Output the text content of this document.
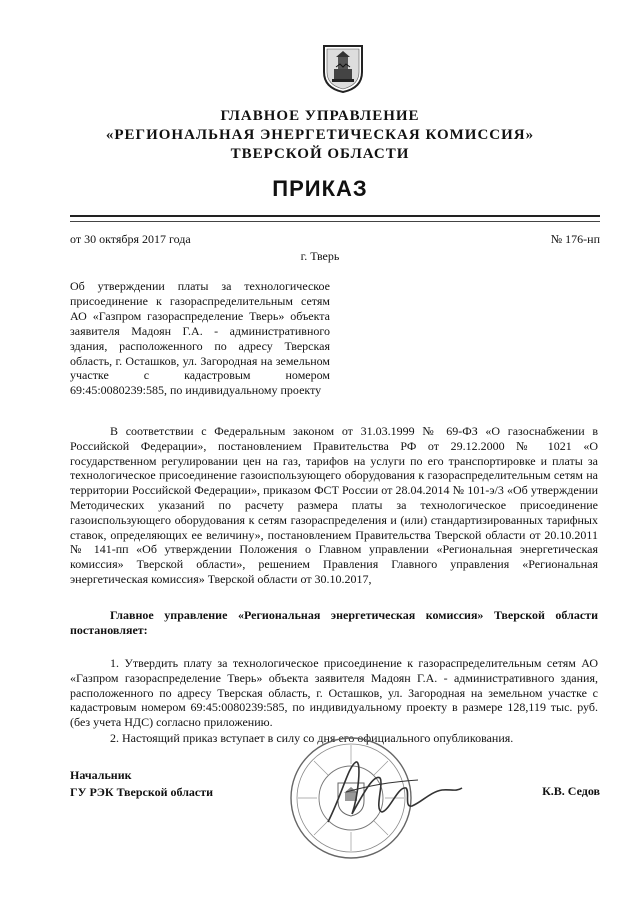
ГЛАВНОЕ УПРАВЛЕНИЕ
«РЕГИОНАЛЬНАЯ ЭНЕРГЕТИЧЕСКАЯ КОМИССИЯ»
ТВЕРСКОЙ ОБЛАСТИ
ПРИКАЗ
от 30 октября 2017 года	№ 176-нп
г. Тверь
Об утверждении платы за технологическое присоединение к газораспределительным сетям АО «Газпром газораспределение Тверь» объекта заявителя Мадоян Г.А. - административного здания, расположенного по адресу Тверская область, г. Осташков, ул. Загородная на земельном участке с кадастровым номером 69:45:0080239:585, по индивидуальному проекту
В соответствии с Федеральным законом от 31.03.1999 № 69-ФЗ «О газоснабжении в Российской Федерации», постановлением Правительства РФ от 29.12.2000 № 1021 «О государственном регулировании цен на газ, тарифов на услуги по его транспортировке и платы за технологическое присоединение газоиспользующего оборудования к газораспределительным сетям на территории Российской Федерации», приказом ФСТ России от 28.04.2014 № 101-э/3 «Об утверждении Методических указаний по расчету размера платы за технологическое присоединение газоиспользующего оборудования к сетям газораспределения и (или) стандартизированных тарифных ставок, определяющих ее величину», постановлением Правительства Тверской области от 20.10.2011 № 141-пп «Об утверждении Положения о Главном управлении «Региональная энергетическая комиссия» Тверской области», решением Правления Главного управления «Региональная энергетическая комиссия» Тверской области от 30.10.2017,
Главное управление «Региональная энергетическая комиссия» Тверской области постановляет:
1. Утвердить плату за технологическое присоединение к газораспределительным сетям АО «Газпром газораспределение Тверь» объекта заявителя Мадоян Г.А. - административного здания, расположенного по адресу Тверская область, г. Осташков, ул. Загородная на земельном участке с кадастровым номером 69:45:0080239:585, по индивидуальному проекту в размере 128,119 тыс. руб. (без учета НДС) согласно приложению.
2. Настоящий приказ вступает в силу со дня его официального опубликования.
Начальник
ГУ РЭК Тверской области	К.В. Седов
